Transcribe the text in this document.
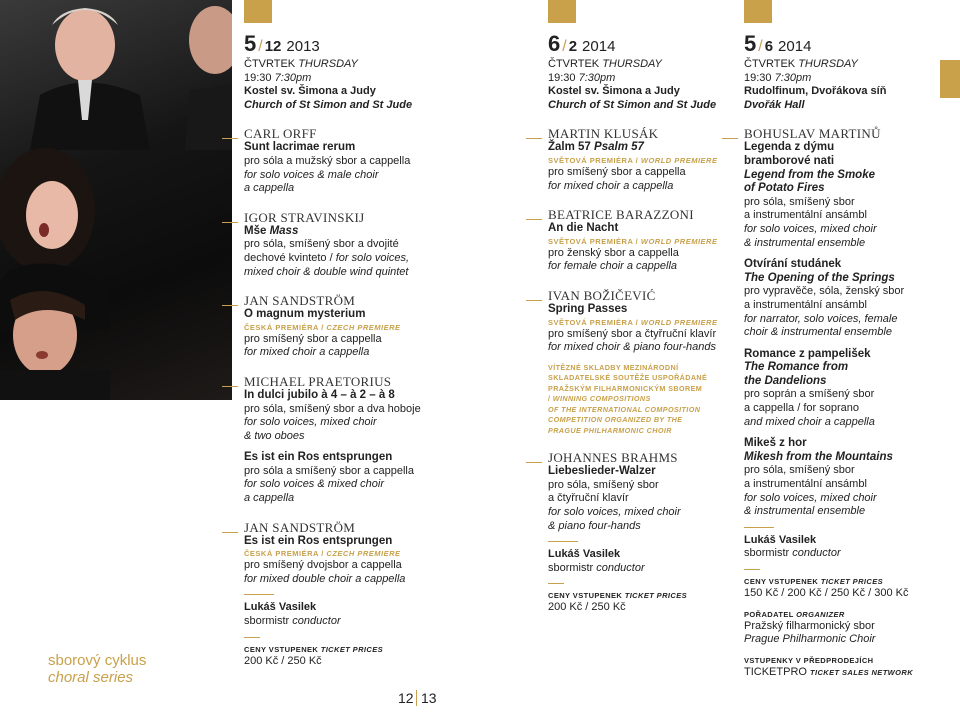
sborový cyklus
choral series
5 / 12 2013
ČTVRTEK THURSDAY
19:30 7:30pm
Kostel sv. Šimona a Judy
Church of St Simon and St Jude
CARL ORFF
Sunt lacrimae rerum
pro sóla a mužský sbor a cappella
for solo voices & male choir
a cappella
IGOR STRAVINSKIJ
Mše Mass
pro sóla, smíšený sbor a dvojité
dechové kvinteto / for solo voices,
mixed choir & double wind quintet
JAN SANDSTRÖM
O magnum mysterium
ČESKÁ PREMIÉRA / CZECH PREMIERE
pro smíšený sbor a cappella
for mixed choir a cappella
MICHAEL PRAETORIUS
In dulci jubilo à 4 – à 2 – à 8
pro sóla, smíšený sbor a dva hoboje
for solo voices, mixed choir
& two oboes
Es ist ein Ros entsprungen
pro sóla a smíšený sbor a cappella
for solo voices & mixed choir
a cappella
JAN SANDSTRÖM
Es ist ein Ros entsprungen
ČESKÁ PREMIÉRA / CZECH PREMIERE
pro smíšený dvojsbor a cappella
for mixed double choir a cappella
Lukáš Vasilek
sbormistr conductor
CENY VSTUPENEK TICKET PRICES
200 Kč / 250 Kč
6 / 2 2014
ČTVRTEK THURSDAY
19:30 7:30pm
Kostel sv. Šimona a Judy
Church of St Simon and St Jude
MARTIN KLUSÁK
Žalm 57 Psalm 57
SVĚTOVÁ PREMIÉRA / WORLD PREMIERE
pro smíšený sbor a cappella
for mixed choir a cappella
BEATRICE BARAZZONI
An die Nacht
SVĚTOVÁ PREMIÉRA / WORLD PREMIERE
pro ženský sbor a cappella
for female choir a cappella
IVAN BOŽIČEVIĆ
Spring Passes
SVĚTOVÁ PREMIÉRA / WORLD PREMIERE
pro smíšený sbor a čtyřruční klavír
for mixed choir & piano four-hands
VÍTĚZNÉ SKLADBY MEZINÁRODNÍ
SKLADATELSKÉ SOUTĚŽE USPOŘÁDANÉ
PRAŽSKÝM FILHARMONICKÝM SBOREM
/ WINNING COMPOSITIONS
OF THE INTERNATIONAL COMPOSITION
COMPETITION ORGANIZED BY THE
PRAGUE PHILHARMONIC CHOIR
JOHANNES BRAHMS
Liebeslieder-Walzer
pro sóla, smíšený sbor
a čtyřruční klavír
for solo voices, mixed choir
& piano four-hands
Lukáš Vasilek
sbormistr conductor
CENY VSTUPENEK TICKET PRICES
200 Kč / 250 Kč
5 / 6 2014
ČTVRTEK THURSDAY
19:30 7:30pm
Rudolfinum, Dvořákova síň
Dvořák Hall
BOHUSLAV MARTINŮ
Legenda z dýmu
bramborové nati
Legend from the Smoke
of Potato Fires
pro sóla, smíšený sbor
a instrumentální ansámbl
for solo voices, mixed choir
& instrumental ensemble
Otvírání studánek
The Opening of the Springs
pro vypravěče, sóla, ženský sbor
a instrumentální ansámbl
for narrator, solo voices, female
choir & instrumental ensemble
Romance z pampelišek
The Romance from
the Dandelions
pro soprán a smíšený sbor
a cappella / for soprano
and mixed choir a cappella
Mikeš z hor
Mikesh from the Mountains
pro sóla, smíšený sbor
a instrumentální ansámbl
for solo voices, mixed choir
& instrumental ensemble
Lukáš Vasilek
sbormistr conductor
CENY VSTUPENEK TICKET PRICES
150 Kč / 200 Kč / 250 Kč / 300 Kč
POŘADATEL ORGANIZER
Pražský filharmonický sbor
Prague Philharmonic Choir
VSTUPENKY V PŘEDPRODEJÍCH
TICKETPRO TICKET SALES NETWORK
12 13
